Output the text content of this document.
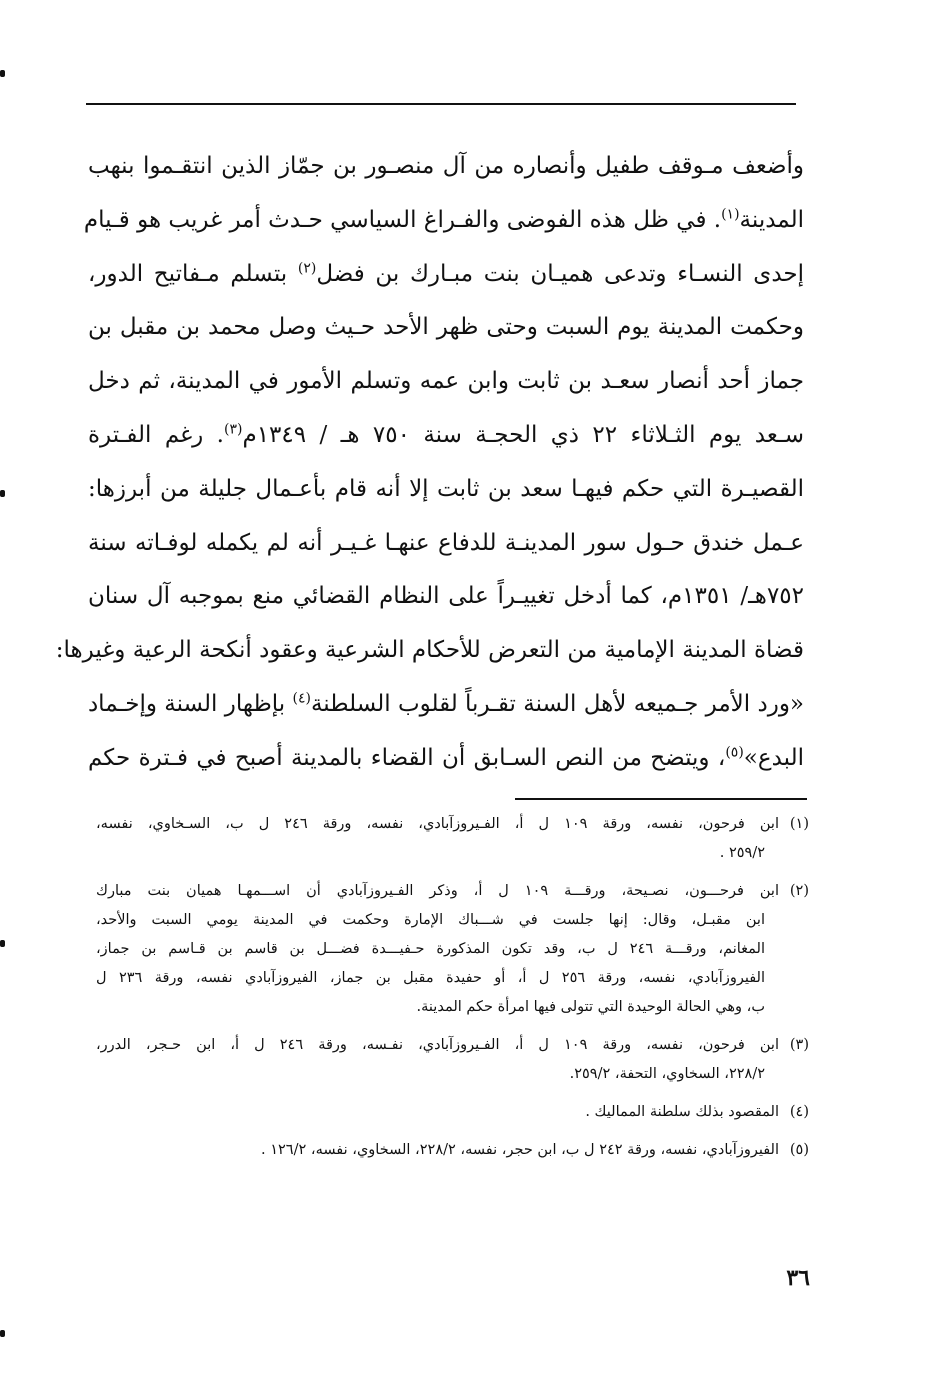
وأضعف مـوقف طفيل وأنصاره من آل منصـور بن جمّاز الذين انتقـموا بنهب
المدينة$^{(١)}$. في ظل هذه الفوضى والفـراغ السياسي حـدث أمر غريب هو قـيام
إحدى النسـاء وتدعى هميـان بنت مبـارك بن فضل$^{(٢)}$ بتسلم مـفاتيح الدور،
وحكمت المدينة يوم السبت وحتى ظهر الأحد حـيث وصل محمد بن مقبل بن
جماز أحد أنصار سعـد بن ثابت وابن عمه وتسلم الأمور في المدينة، ثم دخل
سـعد يوم الثـلاثاء ٢٢ ذي الحجـة سنة ٧٥٠ هـ / ١٣٤٩م$^{(٣)}$. رغم الفـترة
القصيـرة التي حكم فيهـا سعد بن ثابت إلا أنه قام بأعـمال جليلة من أبرزها:
عـمل خندق حـول سور المدينـة للدفاع عنهـا غـيـر أنه لم يكمله لوفـاته سنة
٧٥٢هـ/ ١٣٥١م، كما أدخل تغييـراً على النظام القضائي منع بموجبه آل سنان
قضاة المدينة الإمامية من التعرض للأحكام الشرعية وعقود أنكحة الرعية وغيرها:
«ورد الأمر جـميعه لأهل السنة تقـرباً لقلوب السلطنة$^{(٤)}$ بإظهار السنة وإخـماد
البدع»$^{(٥)}$، ويتضح من النص السـابق أن القضاء بالمدينة أصبح في فـترة حكم
(١)ابن فرحون، نفسه، ورقة ١٠٩ ل أ، الفـيروزآبادي، نفسه، ورقة ٢٤٦ ل ب، السـخاوي، نفسه،
٢٥٩/٢ .
(٢)ابن فرحـــون، نصـيحة، ورقـــة ١٠٩ ل أ، وذكر الفـيروزآبادي أن اســـمهـا هميان بنت مبارك
ابن مقبـل، وقال: إنها جلست في شـــباك الإمارة وحكمت في المدينة يومي السبت والأحد،
المغانم، ورقـــة ٢٤٦ ل ب، وقد تكون المذكورة حـفيـــدة فضـــل بن قاسم بن قـاسم بن جماز،
الفيروزآبادي، نفسه، ورقة ٢٥٦ ل أ، أو حفيدة مقبل بن جماز، الفيروزآبادي نفسه، ورقة ٢٣٦ ل
ب، وهي الحالة الوحيدة التي تتولى فيها امرأة حكم المدينة.
(٣)ابن فرحون، نفسه، ورقة ١٠٩ ل أ، الفـيروزآبادي، نفـسه، ورقة ٢٤٦ ل أ، ابن حـجر، الدرر،
٢٢٨/٢، السخاوي، التحفة، ٢٥٩/٢.
(٤)المقصود بذلك سلطنة المماليك .
(٥)الفيروزآبادي، نفسه، ورقة ٢٤٢ ل ب، ابن حجر، نفسه، ٢٢٨/٢، السخاوي، نفسه، ١٢٦/٢ .
٣٦
